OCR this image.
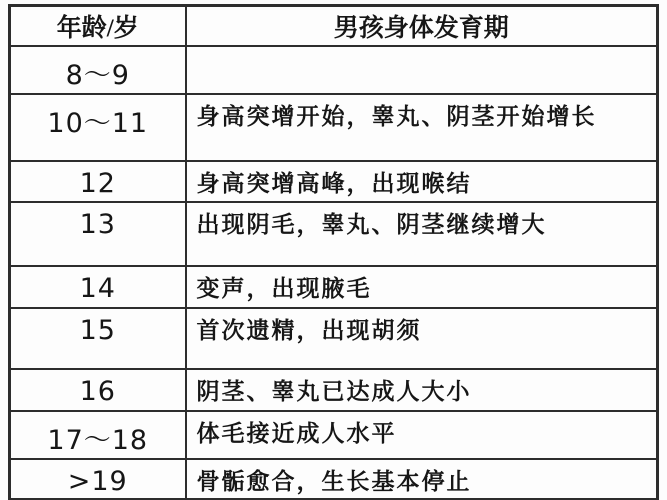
年龄/岁	男孩身体发育期
8～9	
10～11	身高突增开始，睾丸、阴茎开始增长
12	身高突增高峰，出现喉结
13	出现阴毛，睾丸、阴茎继续增大
14	变声，出现腋毛
15	首次遗精，出现胡须
16	阴茎、睾丸已达成人大小
17～18	体毛接近成人水平
>19	骨骺愈合，生长基本停止
